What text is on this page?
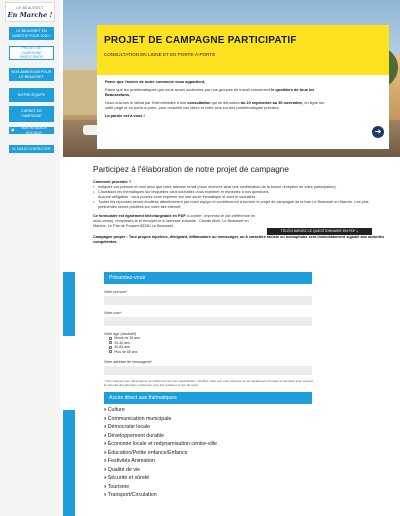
LE BEAUSSET
En Marche !
LE BEAUSSET EN MARCHE POUR 2020 !
PROJET DE CAMPAGNE PARTICIPATIF
NOS AMBITIONS POUR LE BEAUSSET
NOTRE ÉQUIPE
CARNET DE CAMPAGNE
▣
NOS RÉSEAUX SOCIAUX
✉ NOUS CONTACTER
PROJET DE CAMPAGNE PARTICIPATIF
CONSULTATION EN LIGNE ET EN PORTE-À-PORTE

Parce que l'avenir de notre commune vous appartient,

Parce que les problématiques que nous avons soulevées par nos groupes de travail concernent le quotidien de tous les Beaussétans,

Nous ouvrons le débat par l'intermédiaire d'une consultation qui se déroulera du 20 septembre au 30 novembre, en ligne sur cette page et en porte-à-porte, pour recueillir vos idées et votre avis sur des problématiques précises.

La parole est à vous !

➜
Participez à l'élaboration de notre projet de campagne
Comment procéder ?
• Indiquez vos prénom et nom ainsi que votre adresse email (nous recevrez ainsi une confirmation de la bonne réception de votre participation).
• Choisissez les thématiques sur lesquelles vous souhaitez vous exprimer et répondez à nos questions.
Aucune obligation : vous pouvez vous exprimer sur une seule thématique si vous le souhaitez.
• Toutes les réponses seront étudiées attentivement par notre équipe et contribueront à enrichir le projet de campagne de la liste Le Beausset en Marche. Les plus pertinentes seront publiées sur notre site internet.
Ce formulaire est également téléchargeable en PDF ci-contre ; imprimez-le (de préférence en recto-verso), remplissez-le et envoyez-le à l'adresse suivante : Claude Alimi, Le Beausset en Marche, Le Pas de Poupen 83330 Le Beausset.
TÉLÉCHARGEZ LE QUESTIONNAIRE EN PDF ⤓
Campagne propre : Tout propos injurieux, dénigrant, diffamatoire ou mensonger, ou à caractère raciste ou homophobe sera immédiatement signalé aux autorités compétentes.
Présentez-vous
Votre prénom*
Votre nom*
Votre âge (facultatif)
Moins de 25 ans
25-40 ans
40-65 ans
Plus de 65 ans
Votre adresse de messagerie*
* Ces champs sont nécessaires au traitement de votre participation. Veuillez noter que votre adresse et ses également envoyés et stockées pour assurer la sécurité des données conformes (une fois traitées) et loin de toute.
Accès direct aux thématiques
›› Culture
›› Communication municipale
›› Démocratie locale
›› Développement durable
›› Économie locale et redynamisation centre-ville
›› Éducation/Petite enfance/Enfance
›› Festivités Animation
›› Qualité de vie
›› Sécurité et sûreté
›› Tourisme
›› Transport/Circulation
